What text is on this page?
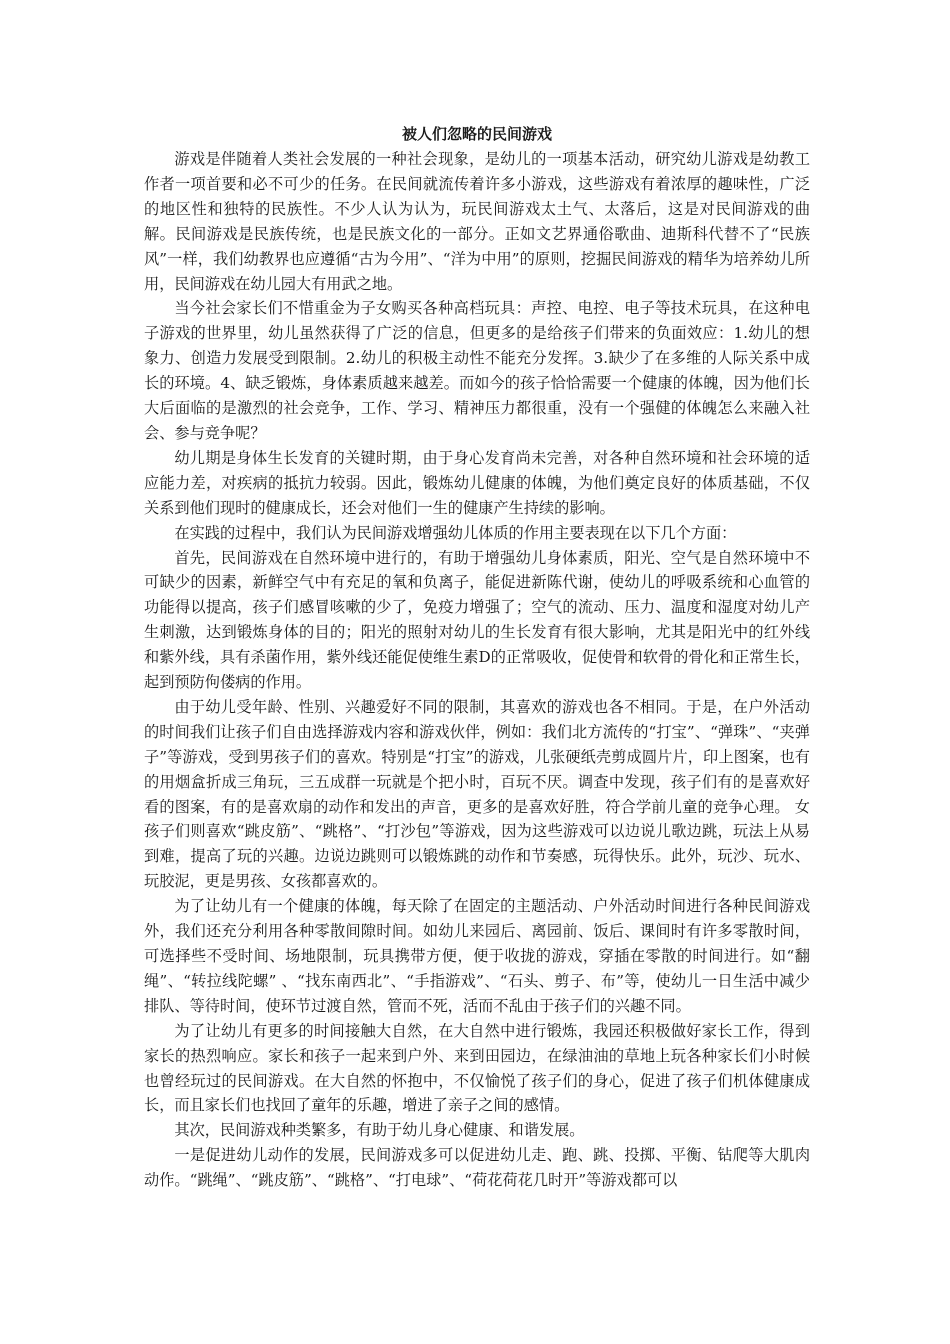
被人们忽略的民间游戏

游戏是伴随着人类社会发展的一种社会现象，是幼儿的一项基本活动，研究幼儿游戏是幼教工作者一项首要和必不可少的任务。在民间就流传着许多小游戏，这些游戏有着浓厚的趣味性，广泛的地区性和独特的民族性。不少人认为认为，玩民间游戏太土气、太落后，这是对民间游戏的曲解。民间游戏是民族传统，也是民族文化的一部分。正如文艺界通俗歌曲、迪斯科代替不了“民族风”一样，我们幼教界也应遵循“古为今用”、“洋为中用”的原则，挖掘民间游戏的精华为培养幼儿所用，民间游戏在幼儿园大有用武之地。

当今社会家长们不惜重金为子女购买各种高档玩具：声控、电控、电子等技术玩具，在这种电子游戏的世界里，幼儿虽然获得了广泛的信息，但更多的是给孩子们带来的负面效应：1.幼儿的想象力、创造力发展受到限制。2.幼儿的积极主动性不能充分发挥。3.缺少了在多维的人际关系中成长的环境。4、缺乏锻炼，身体素质越来越差。而如今的孩子恰恰需要一个健康的体魄，因为他们长大后面临的是激烈的社会竞争，工作、学习、精神压力都很重，没有一个强健的体魄怎么来融入社会、参与竞争呢？

幼儿期是身体生长发育的关键时期，由于身心发育尚未完善，对各种自然环境和社会环境的适应能力差，对疾病的抵抗力较弱。因此，锻炼幼儿健康的体魄，为他们奠定良好的体质基础，不仅关系到他们现时的健康成长，还会对他们一生的健康产生持续的影响。

在实践的过程中，我们认为民间游戏增强幼儿体质的作用主要表现在以下几个方面：

首先，民间游戏在自然环境中进行的，有助于增强幼儿身体素质，阳光、空气是自然环境中不可缺少的因素，新鲜空气中有充足的氧和负离子，能促进新陈代谢，使幼儿的呼吸系统和心血管的功能得以提高，孩子们感冒咳嗽的少了，免疫力增强了；空气的流动、压力、温度和湿度对幼儿产生刺激，达到锻炼身体的目的；阳光的照射对幼儿的生长发育有很大影响，尤其是阳光中的红外线和紫外线，具有杀菌作用，紫外线还能促使维生素D的正常吸收，促使骨和软骨的骨化和正常生长，起到预防佝偻病的作用。

由于幼儿受年龄、性别、兴趣爱好不同的限制，其喜欢的游戏也各不相同。于是，在户外活动的时间我们让孩子们自由选择游戏内容和游戏伙伴，例如：我们北方流传的“打宝”、“弹珠”、“夹弹子”等游戏，受到男孩子们的喜欢。特别是“打宝”的游戏，儿张硬纸壳剪成圆片片，印上图案，也有的用烟盒折成三角玩，三五成群一玩就是个把小时，百玩不厌。调查中发现，孩子们有的是喜欢好看的图案，有的是喜欢扇的动作和发出的声音，更多的是喜欢好胜，符合学前儿童的竞争心理。 女孩子们则喜欢“跳皮筋”、“跳格”、“打沙包”等游戏，因为这些游戏可以边说儿歌边跳，玩法上从易到难，提高了玩的兴趣。边说边跳则可以锻炼跳的动作和节奏感，玩得快乐。此外，玩沙、玩水、玩胶泥，更是男孩、女孩都喜欢的。

为了让幼儿有一个健康的体魄，每天除了在固定的主题活动、户外活动时间进行各种民间游戏外，我们还充分利用各种零散间隙时间。如幼儿来园后、离园前、饭后、课间时有许多零散时间，可选择些不受时间、场地限制，玩具携带方便，便于收拢的游戏，穿插在零散的时间进行。如“翻绳”、“转拉线陀螺” 、“找东南西北”、“手指游戏”、“石头、剪子、布”等，使幼儿一日生活中减少排队、等待时间，使环节过渡自然，管而不死，活而不乱由于孩子们的兴趣不同。

为了让幼儿有更多的时间接触大自然，在大自然中进行锻炼，我园还积极做好家长工作，得到家长的热烈响应。家长和孩子一起来到户外、来到田园边，在绿油油的草地上玩各种家长们小时候也曾经玩过的民间游戏。在大自然的怀抱中，不仅愉悦了孩子们的身心，促进了孩子们机体健康成长，而且家长们也找回了童年的乐趣，增进了亲子之间的感情。

其次，民间游戏种类繁多，有助于幼儿身心健康、和谐发展。

一是促进幼儿动作的发展，民间游戏多可以促进幼儿走、跑、跳、投掷、平衡、钻爬等大肌肉动作。“跳绳”、“跳皮筋”、“跳格”、“打电球”、“荷花荷花几时开”等游戏都可以
